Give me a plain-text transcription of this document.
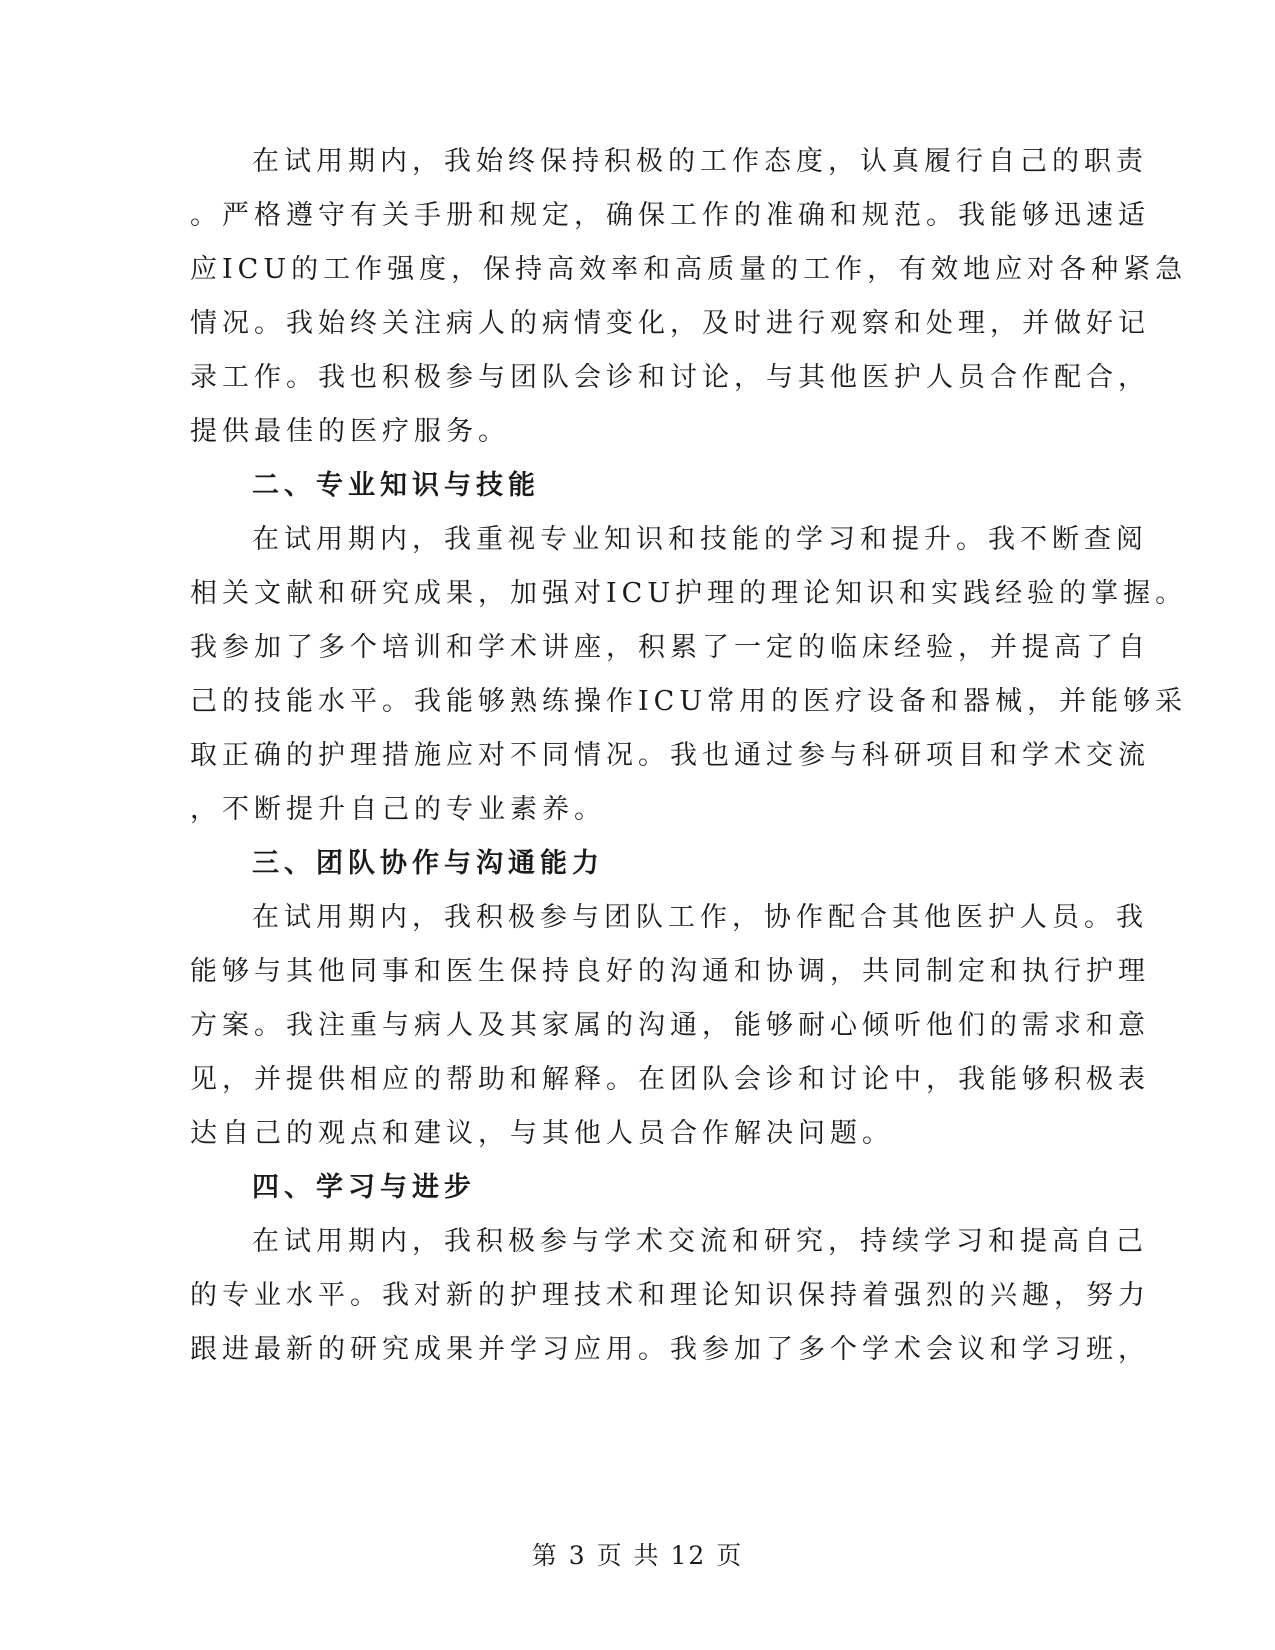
在试用期内，我始终保持积极的工作态度，认真履行自己的职责
。严格遵守有关手册和规定，确保工作的准确和规范。我能够迅速适
应ICU的工作强度，保持高效率和高质量的工作，有效地应对各种紧急
情况。我始终关注病人的病情变化，及时进行观察和处理，并做好记
录工作。我也积极参与团队会诊和讨论，与其他医护人员合作配合，
提供最佳的医疗服务。
二、专业知识与技能
在试用期内，我重视专业知识和技能的学习和提升。我不断查阅
相关文献和研究成果，加强对ICU护理的理论知识和实践经验的掌握。
我参加了多个培训和学术讲座，积累了一定的临床经验，并提高了自
己的技能水平。我能够熟练操作ICU常用的医疗设备和器械，并能够采
取正确的护理措施应对不同情况。我也通过参与科研项目和学术交流
，不断提升自己的专业素养。
三、团队协作与沟通能力
在试用期内，我积极参与团队工作，协作配合其他医护人员。我
能够与其他同事和医生保持良好的沟通和协调，共同制定和执行护理
方案。我注重与病人及其家属的沟通，能够耐心倾听他们的需求和意
见，并提供相应的帮助和解释。在团队会诊和讨论中，我能够积极表
达自己的观点和建议，与其他人员合作解决问题。
四、学习与进步
在试用期内，我积极参与学术交流和研究，持续学习和提高自己
的专业水平。我对新的护理技术和理论知识保持着强烈的兴趣，努力
跟进最新的研究成果并学习应用。我参加了多个学术会议和学习班，
第 3 页 共 12 页
